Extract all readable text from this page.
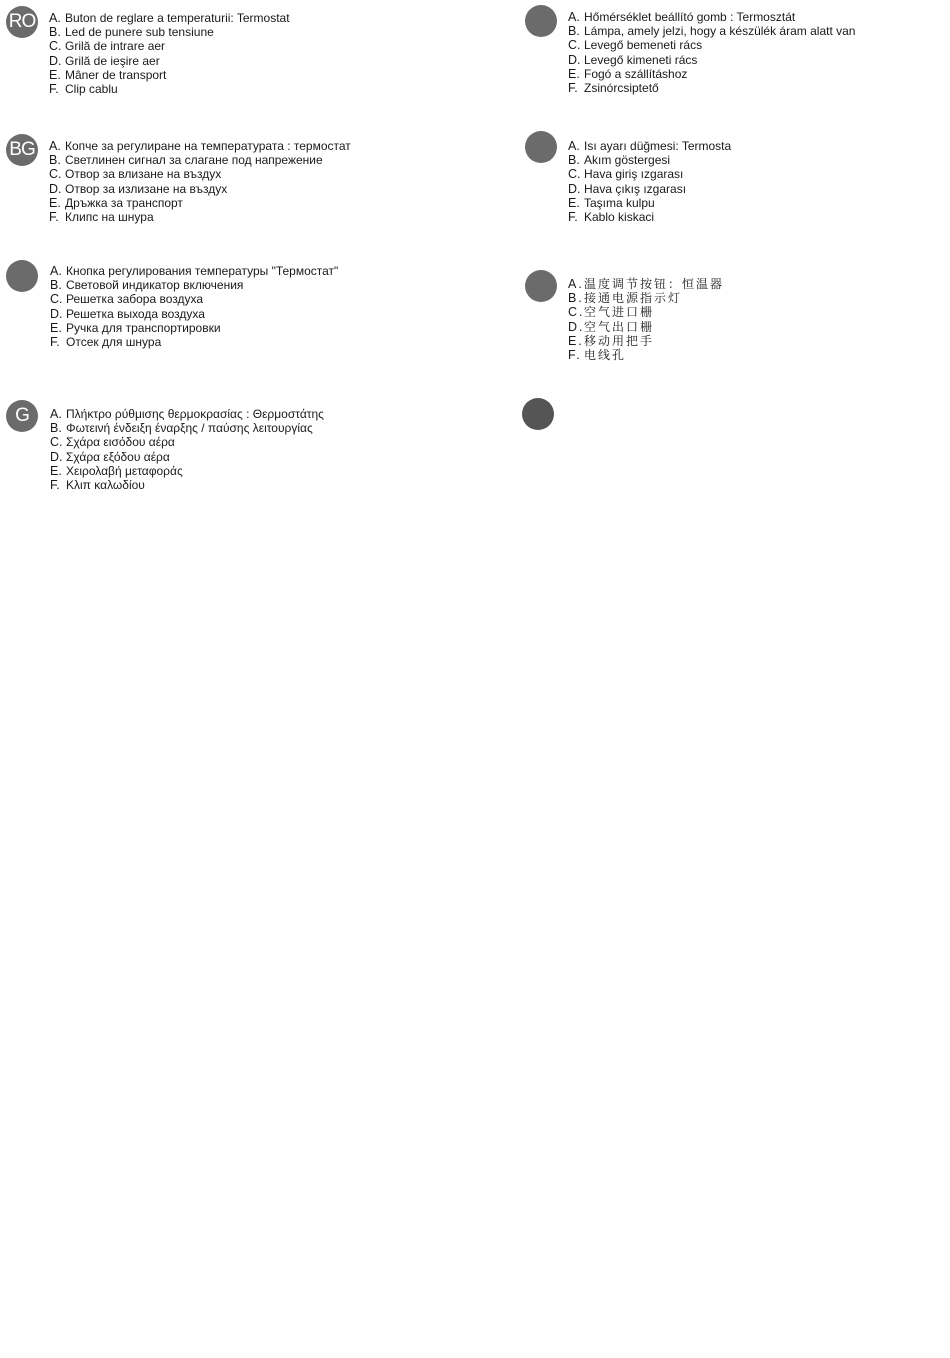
RO A. Buton de reglare a temperaturii: Termostat
B. Led de punere sub tensiune
C. Grilă de intrare aer
D. Grilă de ieşire aer
E. Mâner de transport
F. Clip cablu
A. Hőmérséklet beállító gomb : Termosztát
B. Lámpa, amely jelzi, hogy a készülék áram alatt van
C. Levegő bemeneti rács
D. Levegő kimeneti rács
E. Fogó a szállításhoz
F. Zsinórcsiptető
BG A. Копче за регулиране на температурата : термостат
B. Светлинен сигнал за слагане под напрежение
C. Отвор за влизане на въздух
D. Отвор за излизане на въздух
E. Дръжка за транспорт
F. Клипс на шнура
A. Isı ayarı düğmesi: Termosta
B. Akım göstergesi
C. Hava giriş ızgarası
D. Hava çıkış ızgarası
E. Taşıma kulpu
F. Kablo kiskaci
A. Кнопка регулирования температуры "Термостат"
B. Световой индикатор включения
C. Решетка забора воздуха
D. Решетка выхода воздуха
E. Ручка для транспортировки
F. Отсек для шнура
A. 温度调节按钮：恒温器
B. 接通电源指示灯
C. 空气进口栅
D. 空气出口栅
E. 移动用把手
F. 电线孔
G	A. Πλήκτρο ρύθμισης θερμοκρασίας : Θερμοστάτης
B. Φωτεινή ένδειξη έναρξης / παύσης λειτουργίας
C. Σχάρα εισόδου αέρα
D. Σχάρα εξόδου αέρα
E. Χειρολαβή μεταφοράς
F. Κλιπ καλωδίου
